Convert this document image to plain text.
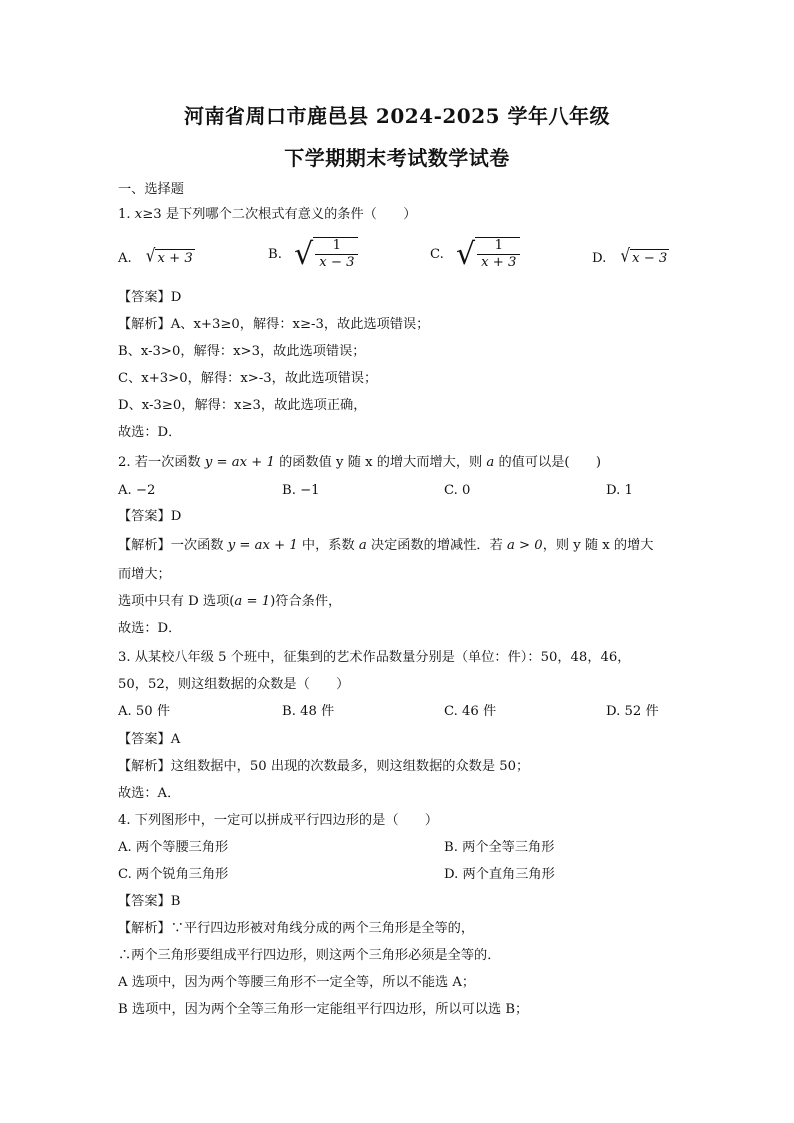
河南省周口市鹿邑县 2024-2025 学年八年级
下学期期末考试数学试卷
一、选择题
1. x≥3 是下列哪个二次根式有意义的条件（　　）
A. √ x + 3	B. √ $\frac{1}{x - 3}$	C. √ $\frac{1}{x + 3}$	D. √ x − 3
【答案】D
【解析】A、x+3≥0，解得：x≥-3，故此选项错误；
B、x-3>0，解得：x>3，故此选项错误；
C、x+3>0，解得：x>-3，故此选项错误；
D、x-3≥0，解得：x≥3，故此选项正确，
故选：D．
2. 若一次函数 y = ax + 1 的函数值 y 随 x 的增大而增大，则 a 的值可以是(　　)
A. −2	B. −1	C. 0	D. 1
【答案】D
【解析】一次函数 y = ax + 1 中，系数 a 决定函数的增减性．若 a > 0，则 y 随 x 的增大
而增大；
选项中只有 D 选项(a = 1)符合条件，
故选：D．
3. 从某校八年级 5 个班中，征集到的艺术作品数量分别是（单位：件）：50，48，46，
50，52，则这组数据的众数是（　　）
A. 50 件	B. 48 件	C. 46 件	D. 52 件
【答案】A
【解析】这组数据中，50 出现的次数最多，则这组数据的众数是 50；
故选：A．
4. 下列图形中，一定可以拼成平行四边形的是（　　）
A. 两个等腰三角形	B. 两个全等三角形
C. 两个锐角三角形	D. 两个直角三角形
【答案】B
【解析】∵平行四边形被对角线分成的两个三角形是全等的，
∴两个三角形要组成平行四边形，则这两个三角形必须是全等的．
A 选项中，因为两个等腰三角形不一定全等，所以不能选 A；
B 选项中，因为两个全等三角形一定能组平行四边形，所以可以选 B；
